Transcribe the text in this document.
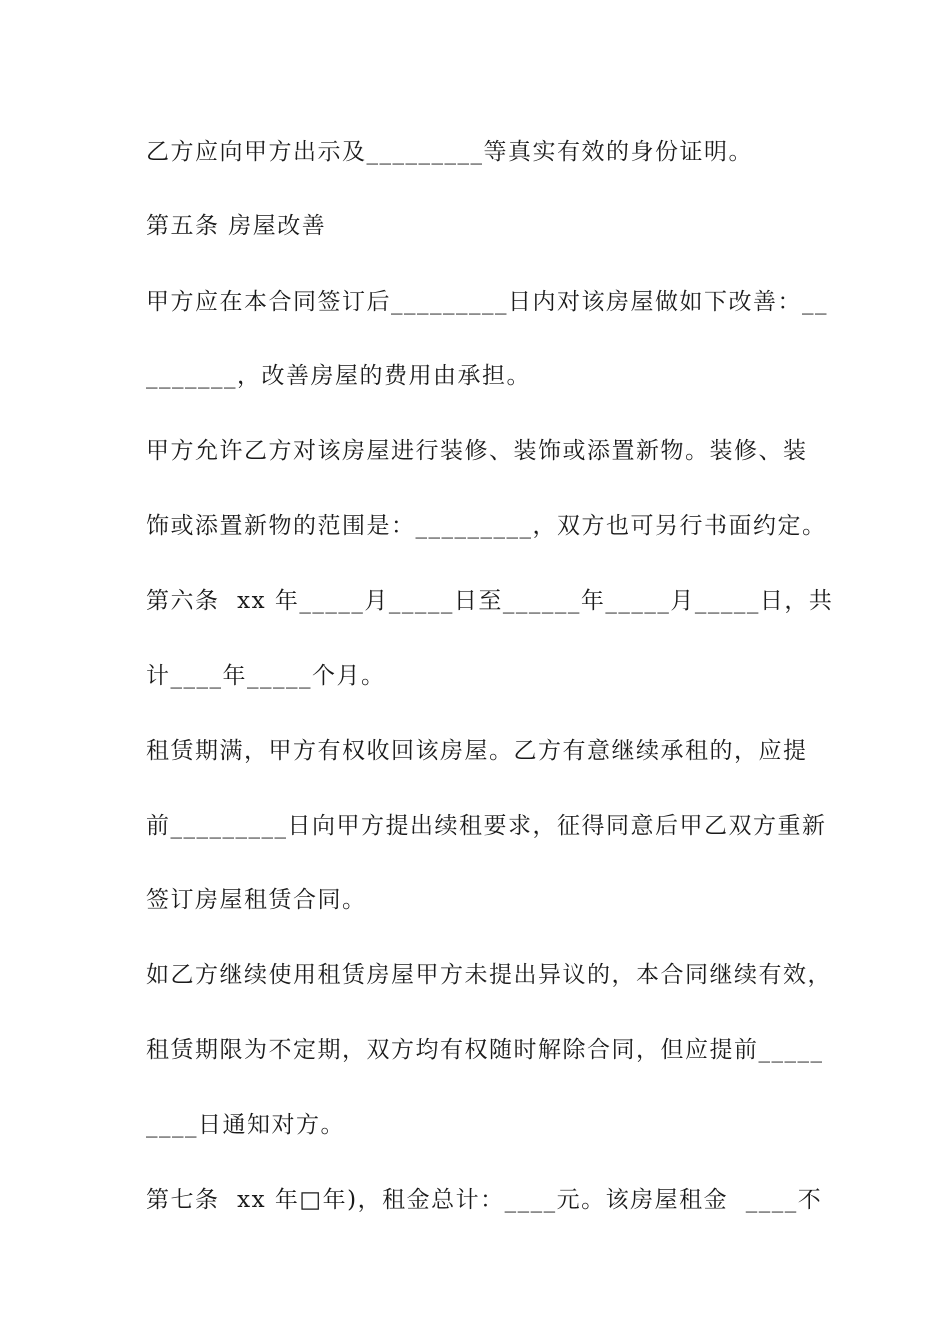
乙方应向甲方出示及_________等真实有效的身份证明。
第五条 房屋改善
甲方应在本合同签订后_________日内对该房屋做如下改善：__
_______，改善房屋的费用由承担。
甲方允许乙方对该房屋进行装修、装饰或添置新物。装修、装
饰或添置新物的范围是：_________，双方也可另行书面约定。
第六条  xx 年_____月_____日至______年_____月_____日，共
计____年_____个月。
租赁期满，甲方有权收回该房屋。乙方有意继续承租的，应提
前_________日向甲方提出续租要求，征得同意后甲乙双方重新
签订房屋租赁合同。
如乙方继续使用租赁房屋甲方未提出异议的，本合同继续有效，
租赁期限为不定期，双方均有权随时解除合同，但应提前_____
____日通知对方。
第七条  xx 年□年)，租金总计：____元。该房屋租金  ____不
